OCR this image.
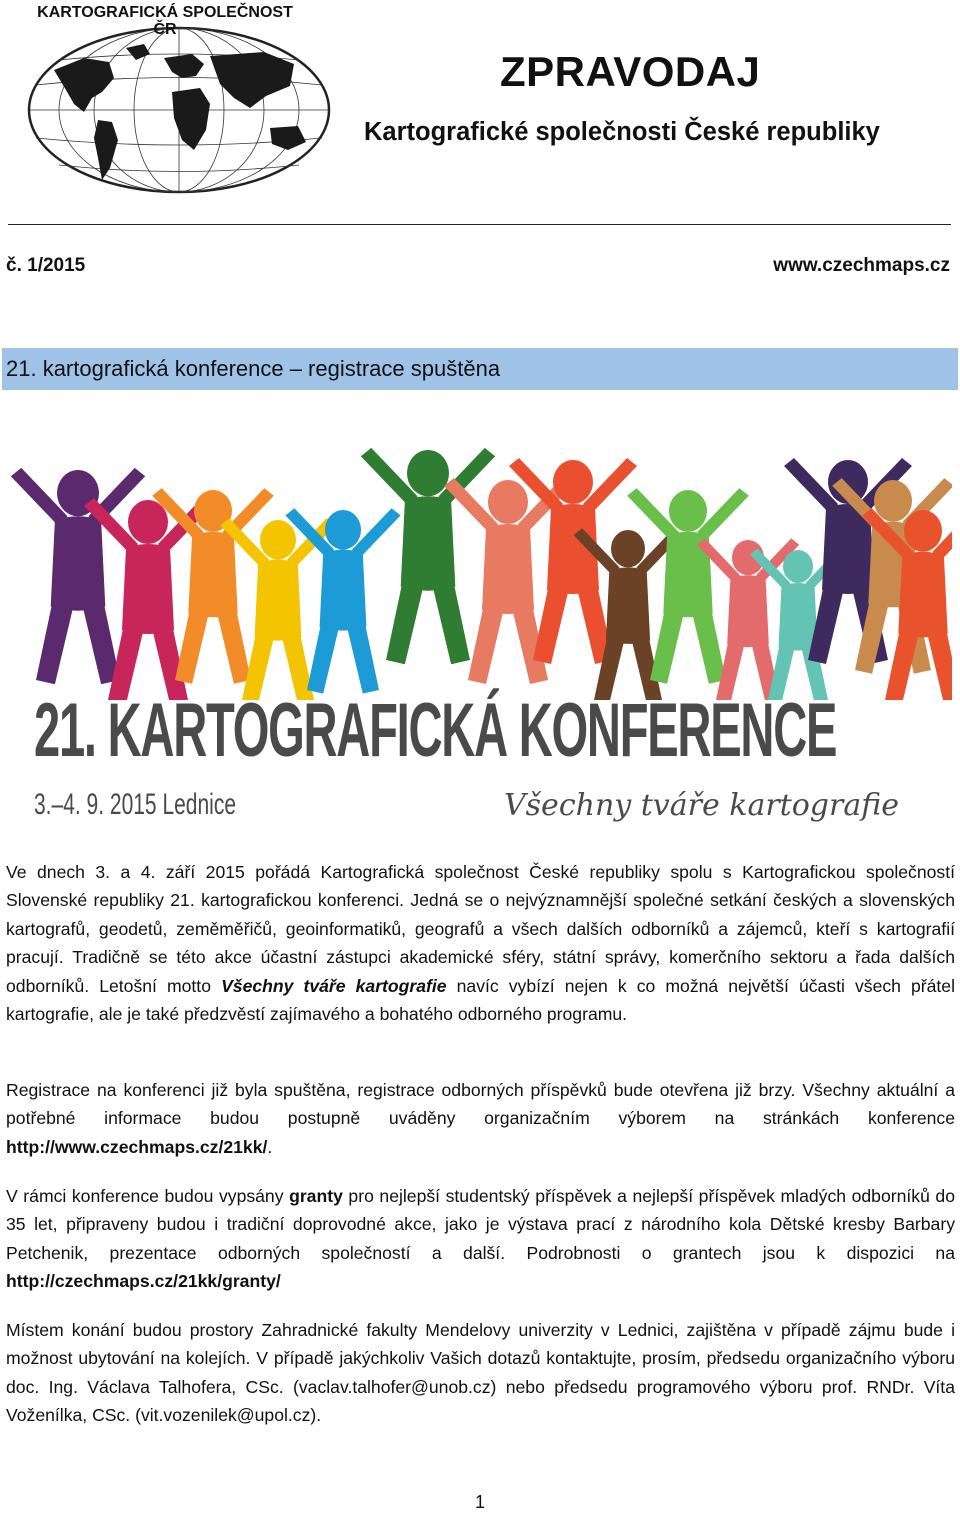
KARTOGRAFICKÁ SPOLEČNOST
ČR
ZPRAVODAJ
Kartografické společnosti České republiky
č. 1/2015	www.czechmaps.cz
21. kartografická konference – registrace spuštěna
21. KARTOGRAFICKÁ KONFERENCE
3.–4. 9. 2015 Lednice	Všechny tváře kartografie

Ve dnech 3. a 4. září 2015 pořádá Kartografická společnost České republiky spolu s Kartografickou společností Slovenské republiky 21. kartografickou konferenci. Jedná se o nejvýznamnější společné setkání českých a slovenských kartografů, geodetů, zeměměřičů, geoinformatiků, geografů a všech dalších odborníků a zájemců, kteří s kartografií pracují. Tradičně se této akce účastní zástupci akademické sféry, státní správy, komerčního sektoru a řada dalších odborníků. Letošní motto Všechny tváře kartografie navíc vybízí nejen k co možná největší účasti všech přátel kartografie, ale je také předzvěstí zajímavého a bohatého odborného programu.

Registrace na konferenci již byla spuštěna, registrace odborných příspěvků bude otevřena již brzy. Všechny aktuální a potřebné informace budou postupně uváděny organizačním výborem na stránkách konference http://www.czechmaps.cz/21kk/.

V rámci konference budou vypsány granty pro nejlepší studentský příspěvek a nejlepší příspěvek mladých odborníků do 35 let, připraveny budou i tradiční doprovodné akce, jako je výstava prací z národního kola Dětské kresby Barbary Petchenik, prezentace odborných společností a další. Podrobnosti o grantech jsou k dispozici na http://czechmaps.cz/21kk/granty/

Místem konání budou prostory Zahradnické fakulty Mendelovy univerzity v Lednici, zajištěna v případě zájmu bude i možnost ubytování na kolejích. V případě jakýchkoliv Vašich dotazů kontaktujte, prosím, předsedu organizačního výboru doc. Ing. Václava Talhofera, CSc. (vaclav.talhofer@unob.cz) nebo předsedu programového výboru prof. RNDr. Víta Voženílka, CSc. (vit.vozenilek@upol.cz).

1
